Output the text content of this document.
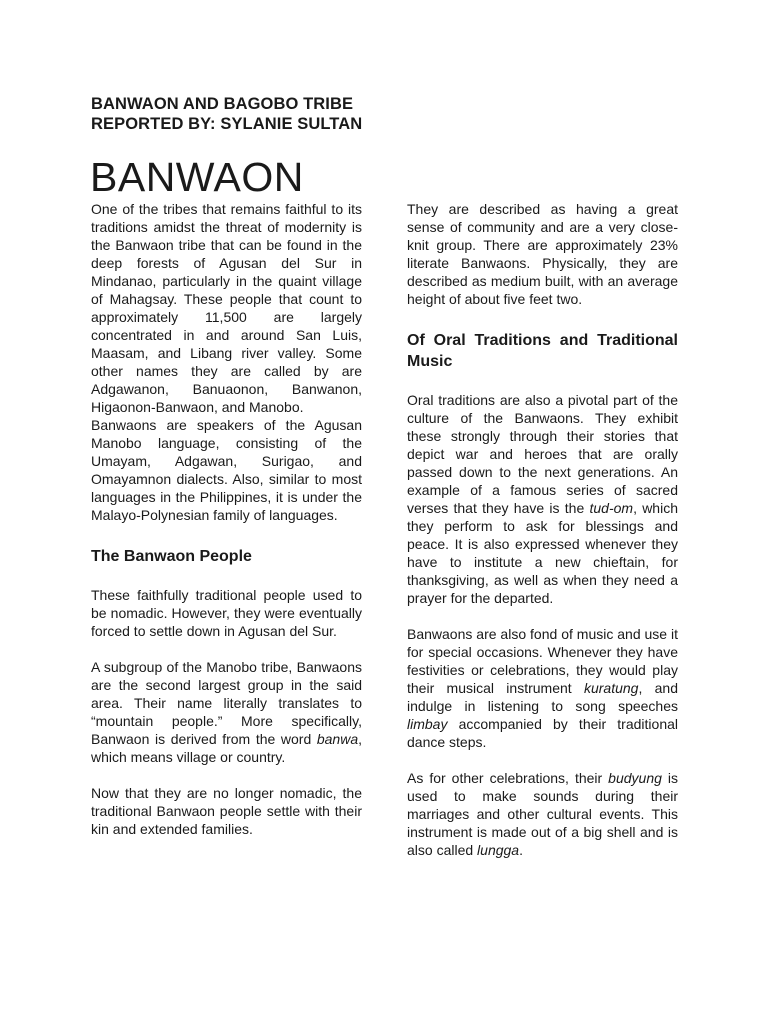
BANWAON AND BAGOBO TRIBE
REPORTED BY: SYLANIE SULTAN
BANWAON

One of the tribes that remains faithful to its traditions amidst the threat of modernity is the Banwaon tribe that can be found in the deep forests of Agusan del Sur in Mindanao, particularly in the quaint village of Mahagsay. These people that count to approximately 11,500 are largely concentrated in and around San Luis, Maasam, and Libang river valley. Some other names they are called by are Adgawanon, Banuaonon, Banwanon, Higaonon-Banwaon, and Manobo.

Banwaons are speakers of the Agusan Manobo language, consisting of the Umayam, Adgawan, Surigao, and Omayamnon dialects. Also, similar to most languages in the Philippines, it is under the Malayo-Polynesian family of languages.

The Banwaon People

These faithfully traditional people used to be nomadic. However, they were eventually forced to settle down in Agusan del Sur.

A subgroup of the Manobo tribe, Banwaons are the second largest group in the said area. Their name literally translates to “mountain people.” More specifically, Banwaon is derived from the word banwa, which means village or country.

Now that they are no longer nomadic, the traditional Banwaon people settle with their kin and extended families.

They are described as having a great sense of community and are a very close-knit group. There are approximately 23% literate Banwaons. Physically, they are described as medium built, with an average height of about five feet two.

Of Oral Traditions and Traditional Music

Oral traditions are also a pivotal part of the culture of the Banwaons. They exhibit these strongly through their stories that depict war and heroes that are orally passed down to the next generations. An example of a famous series of sacred verses that they have is the tud-om, which they perform to ask for blessings and peace. It is also expressed whenever they have to institute a new chieftain, for thanksgiving, as well as when they need a prayer for the departed.

Banwaons are also fond of music and use it for special occasions. Whenever they have festivities or celebrations, they would play their musical instrument kuratung, and indulge in listening to song speeches limbay accompanied by their traditional dance steps.

As for other celebrations, their budyung is used to make sounds during their marriages and other cultural events. This instrument is made out of a big shell and is also called lungga.
